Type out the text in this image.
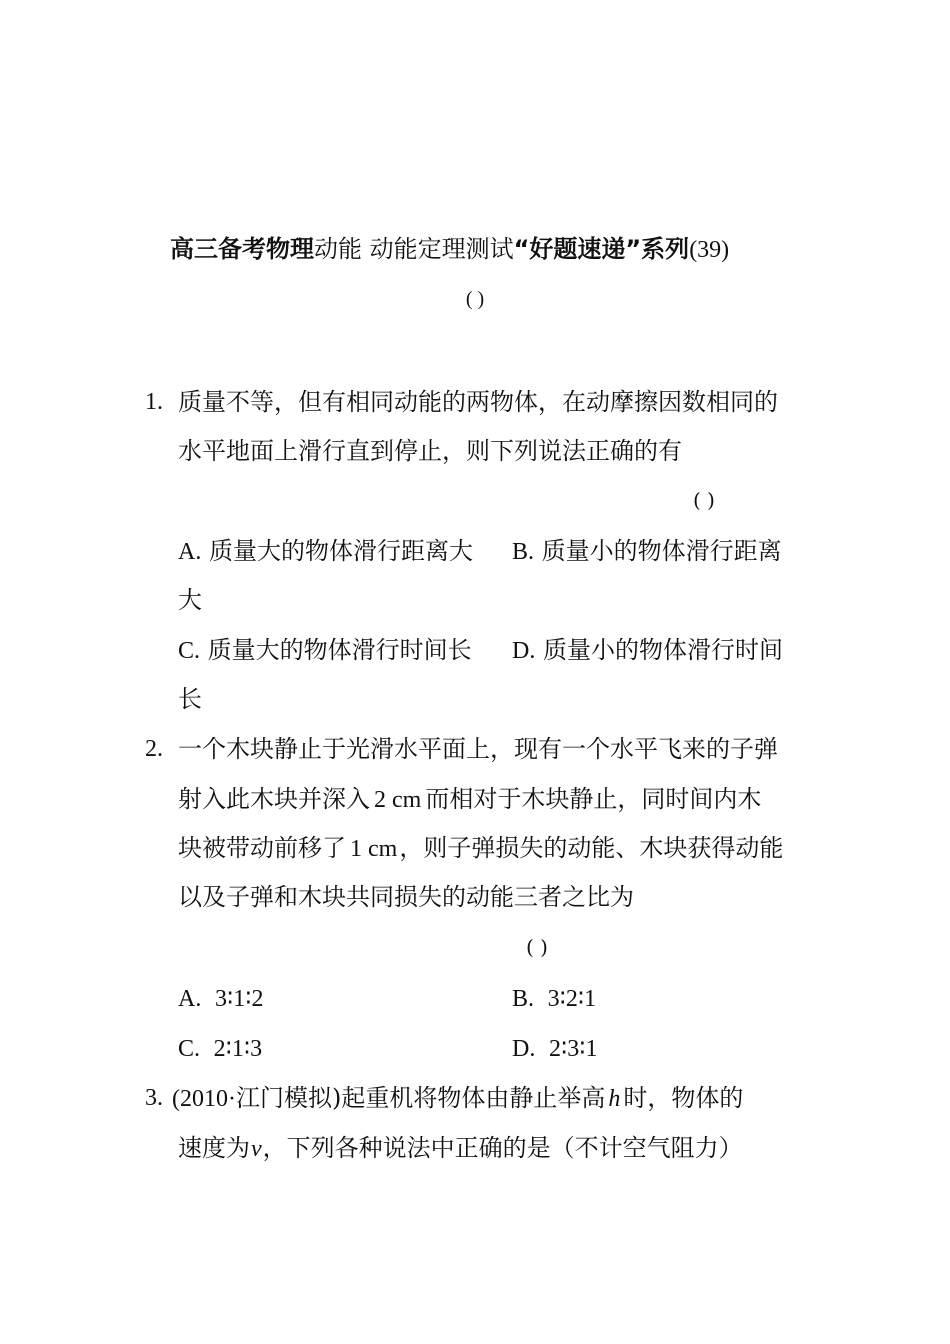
高三备考物理动能 动能定理测试“好题速递”系列(39)
( )
1. 质量不等，但有相同动能的两物体，在动摩擦因数相同的
水平地面上滑行直到停止，则下列说法正确的有
( )
A. 质量大的物体滑行距离大 B. 质量小的物体滑行距离
大
C. 质量大的物体滑行时间长 D. 质量小的物体滑行时间
长
2. 一个木块静止于光滑水平面上，现有一个水平飞来的子弹
射入此木块并深入 2 cm 而相对于木块静止，同时间内木
块被带动前移了 1 cm，则子弹损失的动能、木块获得动能
以及子弹和木块共同损失的动能三者之比为
( )
A. 3∶1∶2	B. 3∶2∶1
C. 2∶1∶3	D. 2∶3∶1
3. (2010·江门模拟)起重机将物体由静止举高 h 时，物体的
速度为v，下列各种说法中正确的是（不计空气阻力）
